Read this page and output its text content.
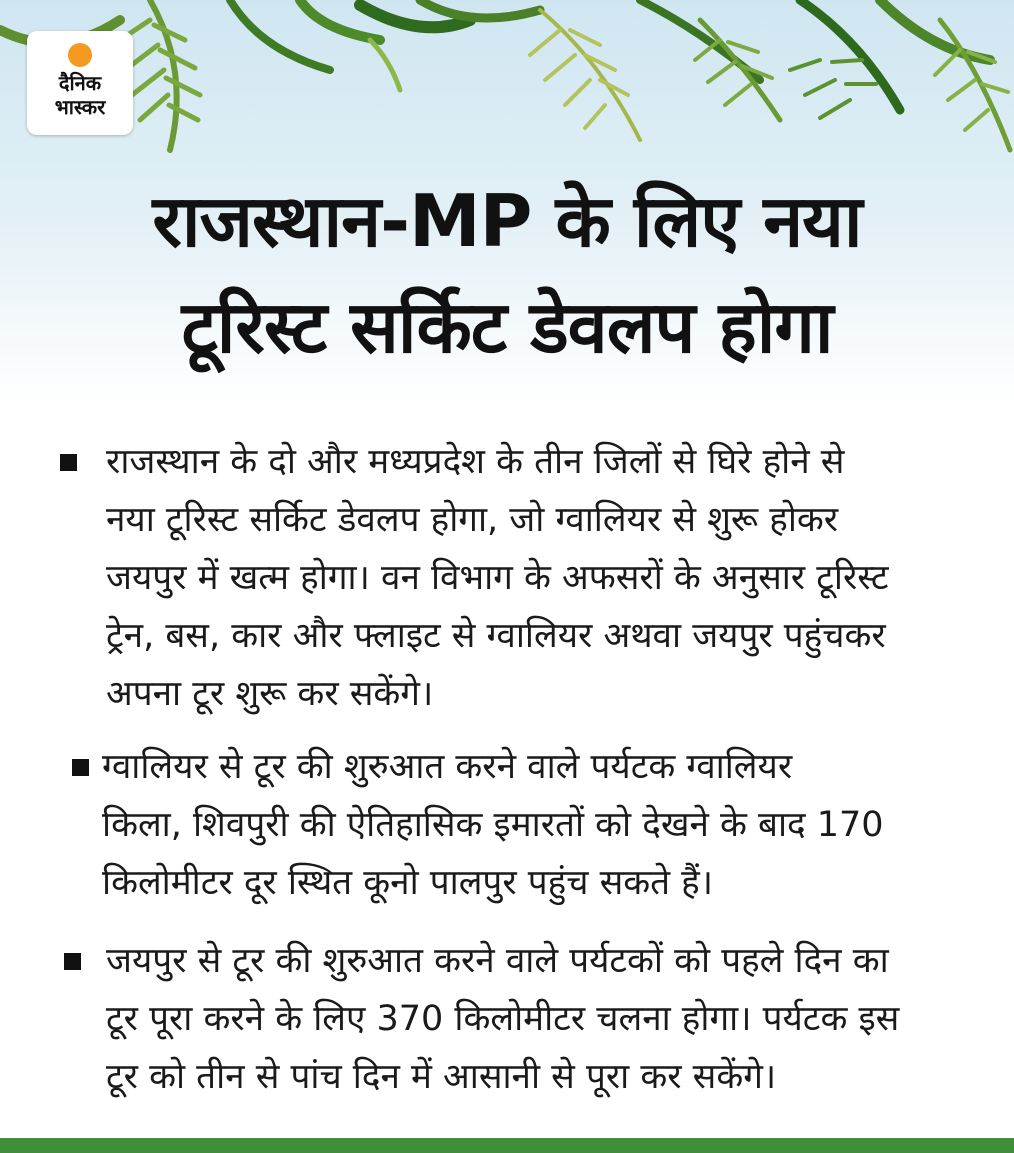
दैनिक
भास्कर
राजस्थान-MP के लिए नया
टूरिस्ट सर्किट डेवलप होगा
राजस्थान के दो और मध्यप्रदेश के तीन जिलों से घिरे होने से
नया टूरिस्ट सर्किट डेवलप होगा, जो ग्वालियर से शुरू होकर
जयपुर में खत्म होगा। वन विभाग के अफसरों के अनुसार टूरिस्ट
ट्रेन, बस, कार और फ्लाइट से ग्वालियर अथवा जयपुर पहुंचकर
अपना टूर शुरू कर सकेंगे।
ग्वालियर से टूर की शुरुआत करने वाले पर्यटक ग्वालियर
किला, शिवपुरी की ऐतिहासिक इमारतों को देखने के बाद 170
किलोमीटर दूर स्थित कूनो पालपुर पहुंच सकते हैं।
जयपुर से टूर की शुरुआत करने वाले पर्यटकों को पहले दिन का
टूर पूरा करने के लिए 370 किलोमीटर चलना होगा। पर्यटक इस
टूर को तीन से पांच दिन में आसानी से पूरा कर सकेंगे।
